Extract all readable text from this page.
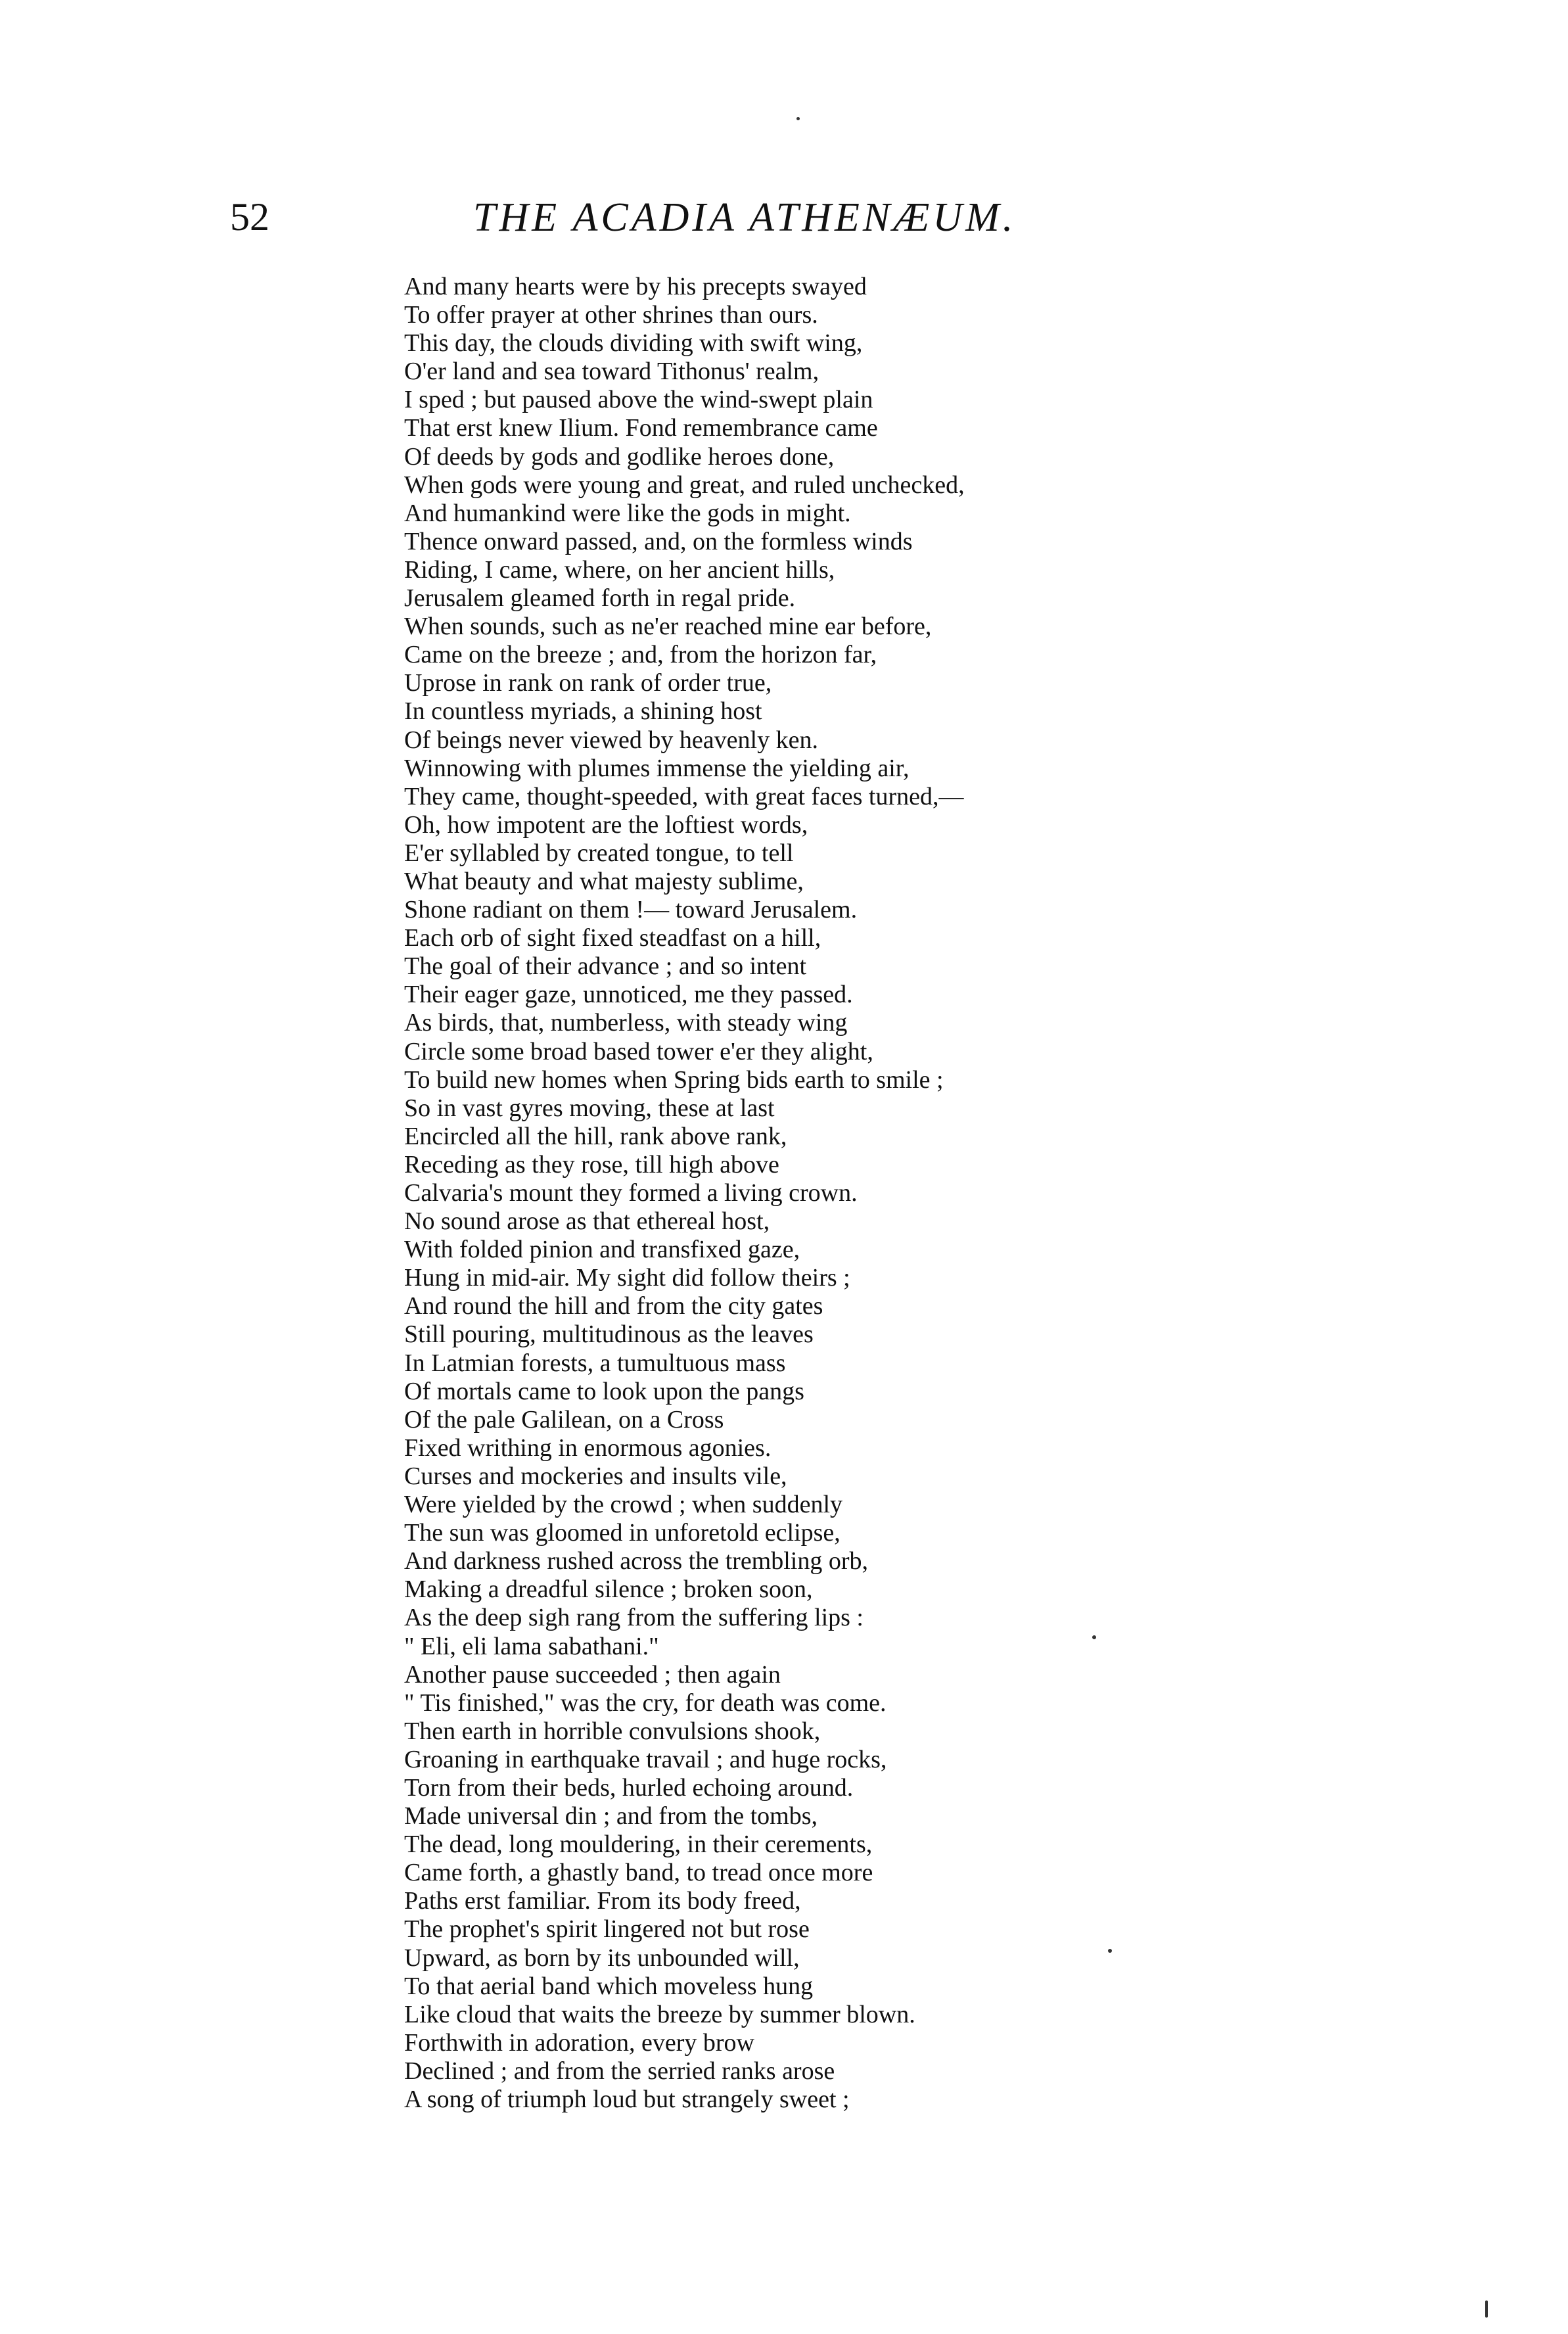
52	THE ACADIA ATHENÆUM.
And many hearts were by his precepts swayed
To offer prayer at other shrines than ours.
This day, the clouds dividing with swift wing,
O'er land and sea toward Tithonus' realm,
I sped ; but paused above the wind-swept plain
That erst knew Ilium. Fond remembrance came
Of deeds by gods and godlike heroes done,
When gods were young and great, and ruled unchecked,
And humankind were like the gods in might.
Thence onward passed, and, on the formless winds
Riding, I came, where, on her ancient hills,
Jerusalem gleamed forth in regal pride.
When sounds, such as ne'er reached mine ear before,
Came on the breeze ; and, from the horizon far,
Uprose in rank on rank of order true,
In countless myriads, a shining host
Of beings never viewed by heavenly ken.
Winnowing with plumes immense the yielding air,
They came, thought-speeded, with great faces turned,—
Oh, how impotent are the loftiest words,
E'er syllabled by created tongue, to tell
What beauty and what majesty sublime,
Shone radiant on them !— toward Jerusalem.
Each orb of sight fixed steadfast on a hill,
The goal of their advance ; and so intent
Their eager gaze, unnoticed, me they passed.
As birds, that, numberless, with steady wing
Circle some broad based tower e'er they alight,
To build new homes when Spring bids earth to smile ;
So in vast gyres moving, these at last
Encircled all the hill, rank above rank,
Receding as they rose, till high above
Calvaria's mount they formed a living crown.
No sound arose as that ethereal host,
With folded pinion and transfixed gaze,
Hung in mid-air. My sight did follow theirs ;
And round the hill and from the city gates
Still pouring, multitudinous as the leaves
In Latmian forests, a tumultuous mass
Of mortals came to look upon the pangs
Of the pale Galilean, on a Cross
Fixed writhing in enormous agonies.
Curses and mockeries and insults vile,
Were yielded by the crowd ; when suddenly
The sun was gloomed in unforetold eclipse,
And darkness rushed across the trembling orb,
Making a dreadful silence ; broken soon,
As the deep sigh rang from the suffering lips :
" Eli, eli lama sabathani."
Another pause succeeded ; then again
" Tis finished," was the cry, for death was come.
Then earth in horrible convulsions shook,
Groaning in earthquake travail ; and huge rocks,
Torn from their beds, hurled echoing around.
Made universal din ; and from the tombs,
The dead, long mouldering, in their cerements,
Came forth, a ghastly band, to tread once more
Paths erst familiar. From its body freed,
The prophet's spirit lingered not but rose
Upward, as born by its unbounded will,
To that aerial band which moveless hung
Like cloud that waits the breeze by summer blown.
Forthwith in adoration, every brow
Declined ; and from the serried ranks arose
A song of triumph loud but strangely sweet ;
